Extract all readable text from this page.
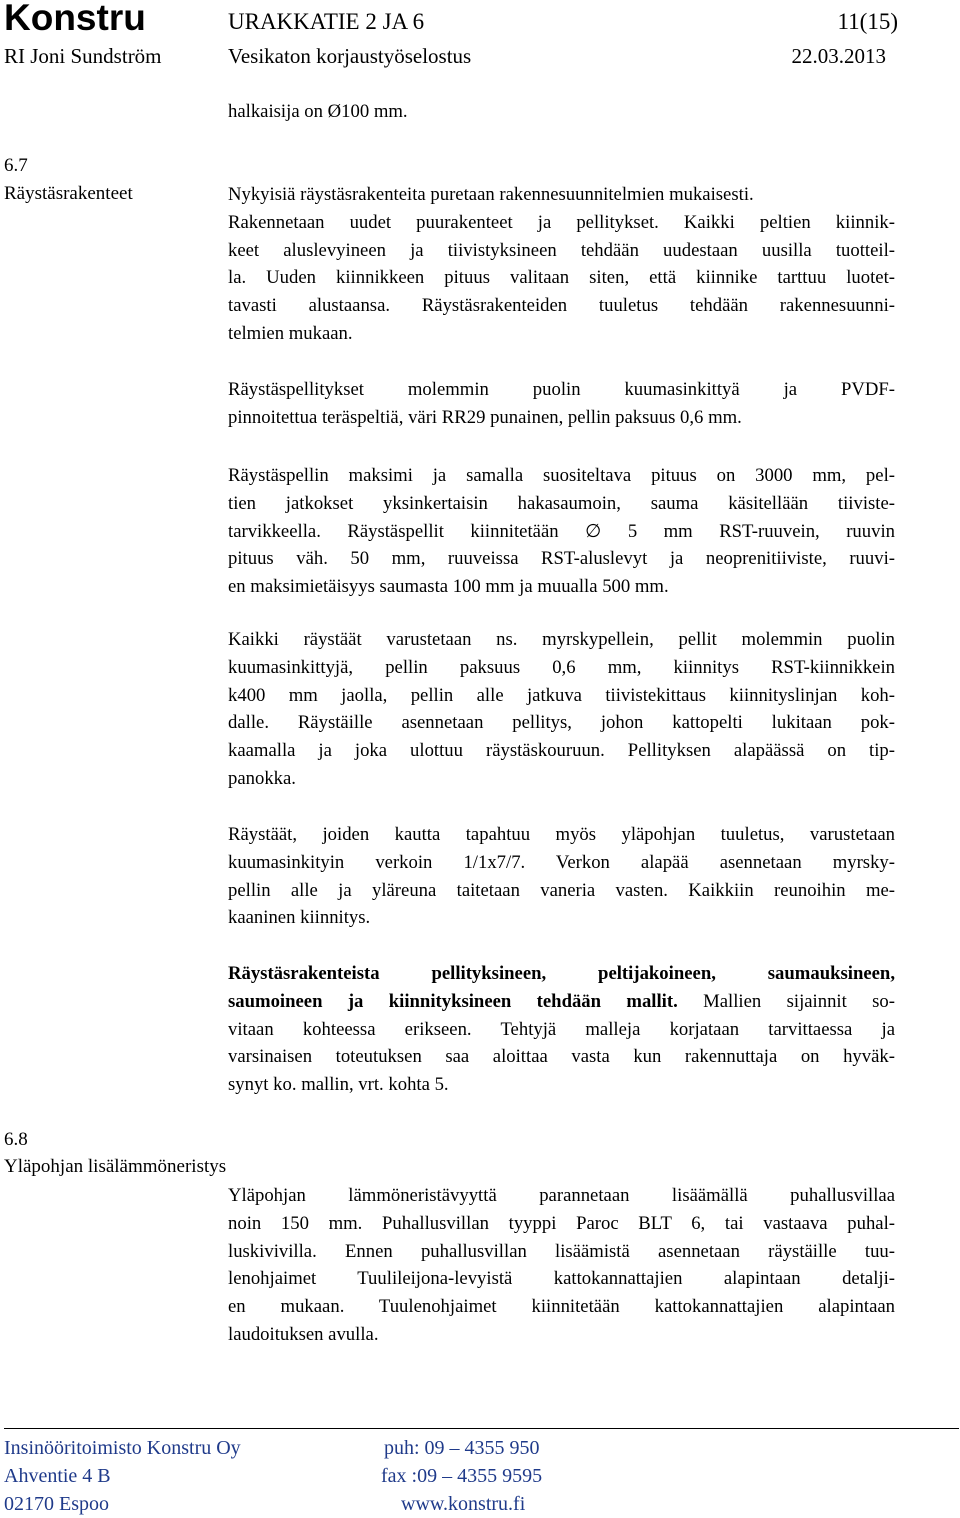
Konstru	URAKKATIE 2 JA 6	11(15)
RI Joni Sundström	Vesikaton korjaustyöselostus	22.03.2013
halkaisija on Ø100 mm.
6.7
Räystäsrakenteet	Nykyisiä räystäsrakenteita puretaan rakennesuunnitelmien mukaisesti.
Rakennetaan uudet puurakenteet ja pellitykset. Kaikki peltien kiinnik-
keet aluslevyineen ja tiivistyksineen tehdään uudestaan uusilla tuotteil-
la. Uuden kiinnikkeen pituus valitaan siten, että kiinnike tarttuu luotet-
tavasti alustaansa. Räystäsrakenteiden tuuletus tehdään rakennesuunni-
telmien mukaan.
Räystäspellitykset molemmin puolin kuumasinkittyä ja PVDF-
pinnoitettua teräspeltiä, väri RR29 punainen, pellin paksuus 0,6 mm.
Räystäspellin maksimi ja samalla suositeltava pituus on 3000 mm, pel-
tien jatkokset yksinkertaisin hakasaumoin, sauma käsitellään tiiviste-
tarvikkeella. Räystäspellit kiinnitetään ∅ 5 mm RST-ruuvein, ruuvin
pituus väh. 50 mm, ruuveissa RST-aluslevyt ja neoprenitiiviste, ruuvi-
en maksimietäisyys saumasta 100 mm ja muualla 500 mm.
Kaikki räystäät varustetaan ns. myrskypellein, pellit molemmin puolin
kuumasinkittyjä, pellin paksuus 0,6 mm, kiinnitys RST-kiinnikkein
k400 mm jaolla, pellin alle jatkuva tiivistekittaus kiinnityslinjan koh-
dalle. Räystäille asennetaan pellitys, johon kattopelti lukitaan pok-
kaamalla ja joka ulottuu räystäskouruun. Pellityksen alapäässä on tip-
panokka.
Räystäät, joiden kautta tapahtuu myös yläpohjan tuuletus, varustetaan
kuumasinkityin verkoin 1/1x7/7. Verkon alapää asennetaan myrsky-
pellin alle ja yläreuna taitetaan vaneria vasten. Kaikkiin reunoihin me-
kaaninen kiinnitys.
Räystäsrakenteista pellityksineen, peltijakoineen, saumauksineen,
saumoineen ja kiinnityksineen tehdään mallit. Mallien sijainnit so-
vitaan kohteessa erikseen. Tehtyjä malleja korjataan tarvittaessa ja
varsinaisen toteutuksen saa aloittaa vasta kun rakennuttaja on hyväk-
synyt ko. mallin, vrt. kohta 5.
6.8
Yläpohjan lisälämmöneristys
Yläpohjan lämmöneristävyyttä parannetaan lisäämällä puhallusvillaa
noin 150 mm. Puhallusvillan tyyppi Paroc BLT 6, tai vastaava puhal-
luskivivilla. Ennen puhallusvillan lisäämistä asennetaan räystäille tuu-
lenohjaimet Tuulileijona-levyistä kattokannattajien alapintaan detalji-
en mukaan. Tuulenohjaimet kiinnitetään kattokannattajien alapintaan
laudoituksen avulla.
Insinööritoimisto Konstru Oy
Ahventie 4 B
02170 Espoo
puh: 09 – 4355 950
fax :09 – 4355 9595
www.konstru.fi
